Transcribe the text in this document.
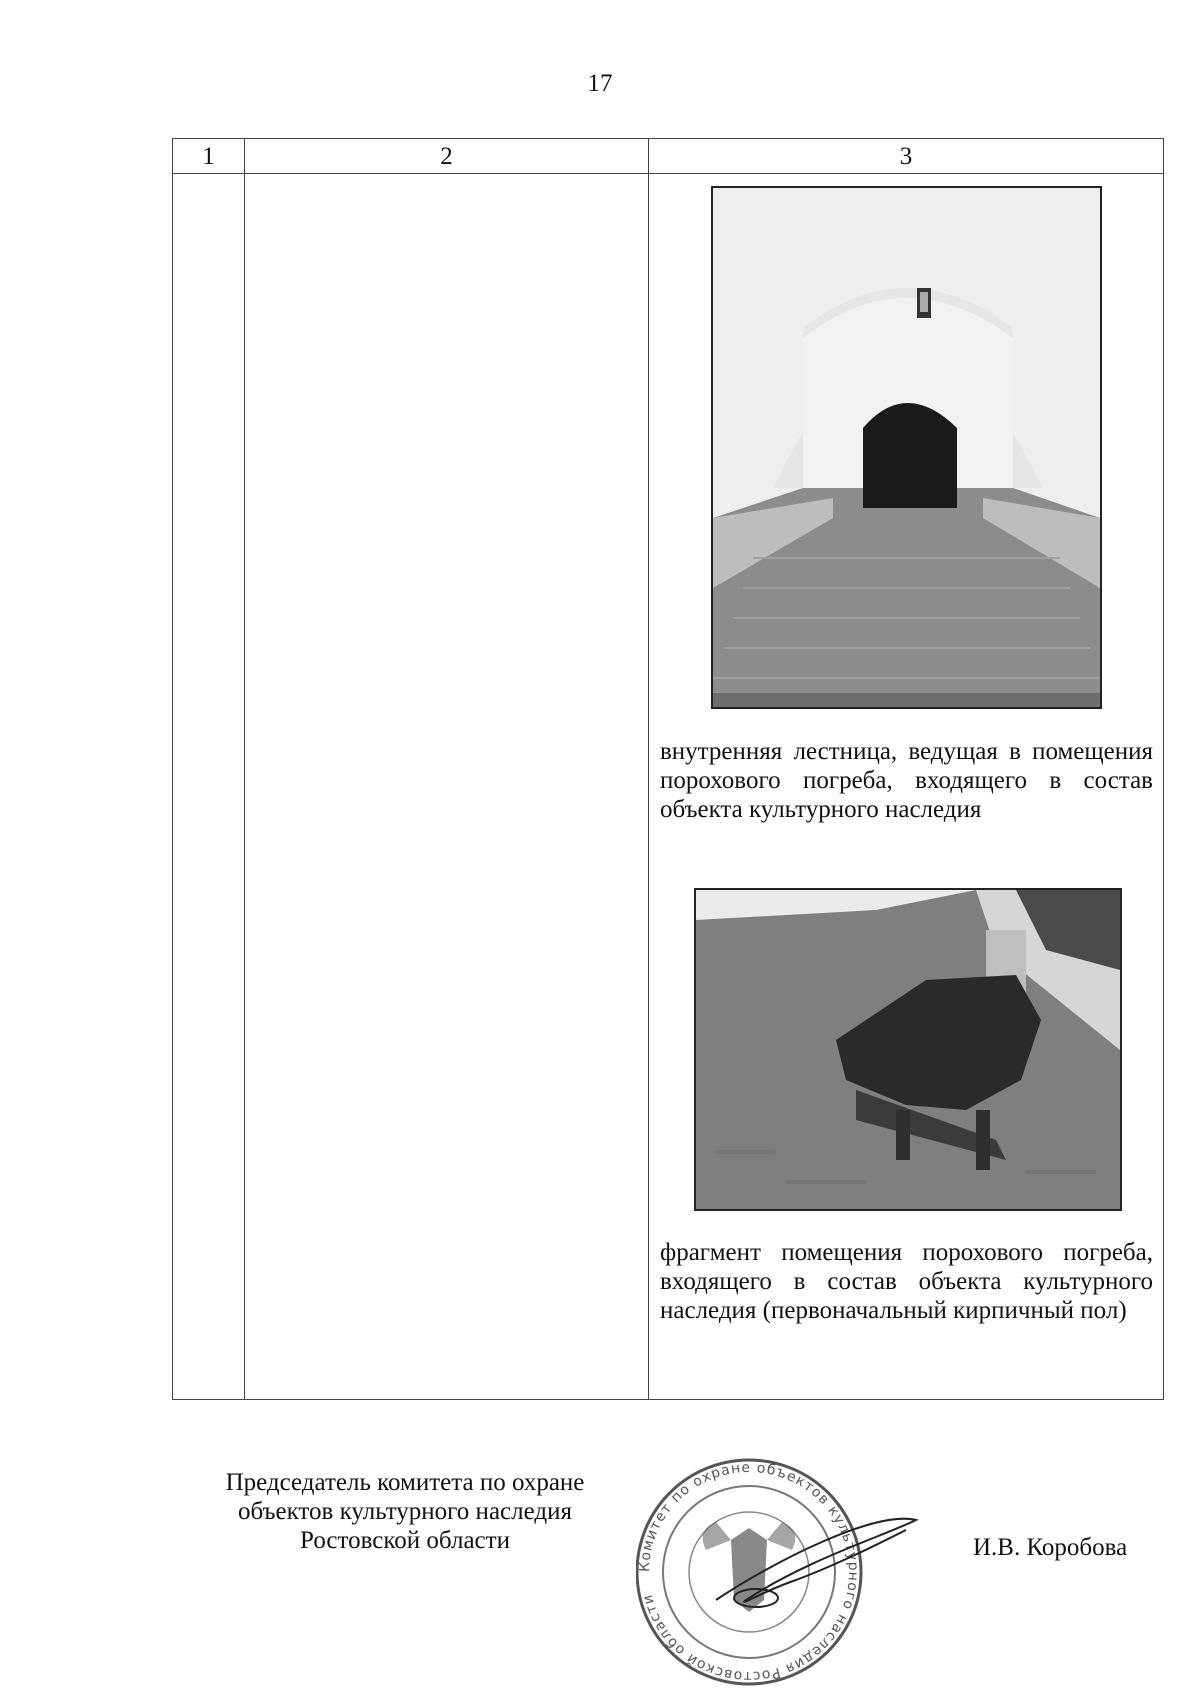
17
1	2	3
внутренняя лестница, ведущая в помещения порохового погреба, входящего в состав объекта культурного наследия
фрагмент помещения порохового погреба, входящего в состав объекта культурного наследия (первоначальный кирпичный пол)
Председатель комитета по охране объектов культурного наследия Ростовской области
Комитет по охране объектов культурного наследия Ростовской области
И.В. Коробова
